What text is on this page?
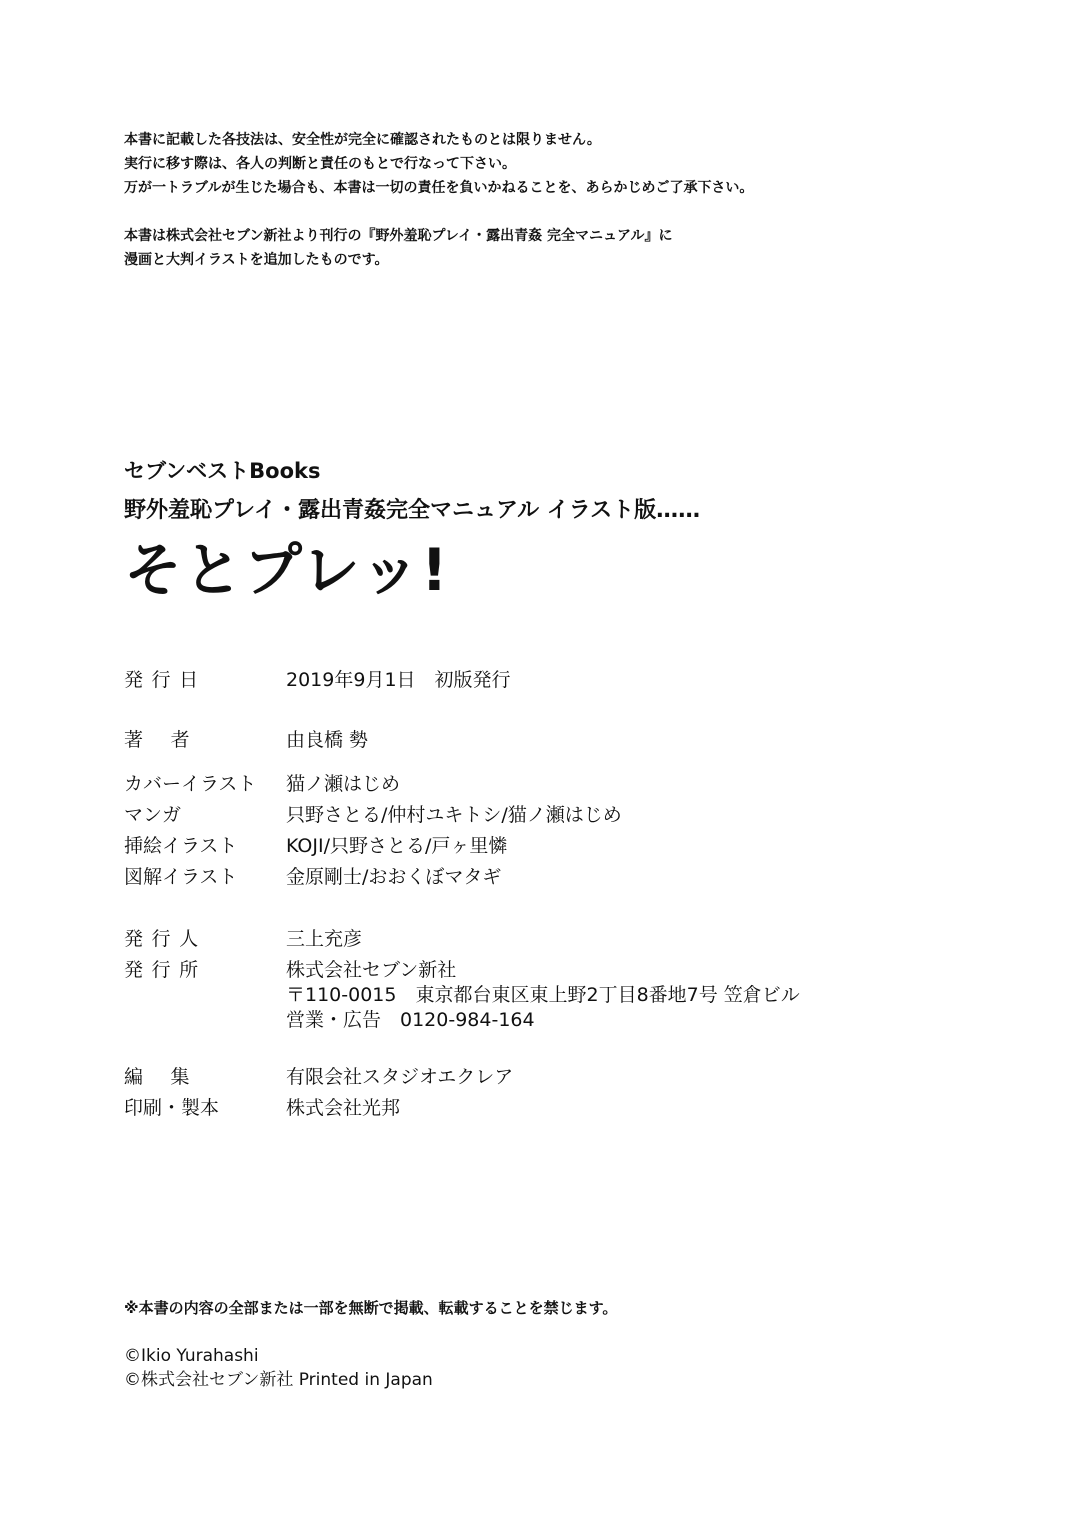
本書に記載した各技法は、安全性が完全に確認されたものとは限りません。

実行に移す際は、各人の判断と責任のもとで行なって下さい。

万が一トラブルが生じた場合も、本書は一切の責任を負いかねることを、あらかじめご了承下さい。

本書は株式会社セブン新社より刊行の『野外羞恥プレイ・露出青姦 完全マニュアル』に

漫画と大判イラストを追加したものです。

セブンベストBooks
野外羞恥プレイ・露出青姦完全マニュアル イラスト版……
そとプレッ!
発行日	2019年9月1日　初版発行
著者	由良橋 勢
カバーイラスト 猫ノ瀬はじめ
マンガ	只野さとる/仲村ユキトシ/猫ノ瀬はじめ
挿絵イラスト	KOJI/只野さとる/戸ヶ里憐
図解イラスト	金原剛士/おおくぼマタギ
発行人	三上充彦
発行所	株式会社セブン新社
〒110-0015　東京都台東区東上野2丁目8番地7号 笠倉ビル
営業・広告　0120-984-164
編集	有限会社スタジオエクレア
印刷・製本	株式会社光邦
※本書の内容の全部または一部を無断で掲載、転載することを禁じます。
©Ikio Yurahashi
©株式会社セブン新社 Printed in Japan
